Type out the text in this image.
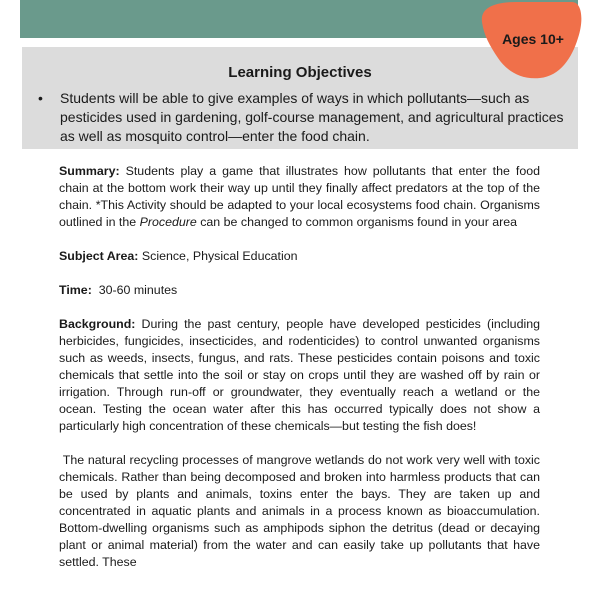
Learning Objectives
•	Students will be able to give examples of ways in which pollutants—such as pesticides used in gardening, golf-course management, and agricultural practices as well as mosquito control—enter the food chain.
Ages 10+

Summary: Students play a game that illustrates how pollutants that enter the food chain at the bottom work their way up until they finally affect predators at the top of the chain. *This Activity should be adapted to your local ecosystems food chain. Organisms outlined in the Procedure can be changed to common organisms found in your area

Subject Area: Science, Physical Education

Time:  30-60 minutes

Background: During the past century, people have developed pesticides (including herbicides, fungicides, insecticides, and rodenticides) to control unwanted organisms such as weeds, insects, fungus, and rats. These pesticides contain poisons and toxic chemicals that settle into the soil or stay on crops until they are washed off by rain or irrigation. Through run-off or groundwater, they eventually reach a wetland or the ocean. Testing the ocean water after this has occurred typically does not show a particularly high concentration of these chemicals—but testing the fish does!

The natural recycling processes of mangrove wetlands do not work very well with toxic chemicals. Rather than being decomposed and broken into harmless products that can be used by plants and animals, toxins enter the bays. They are taken up and concentrated in aquatic plants and animals in a process known as bioaccumulation. Bottom-dwelling organisms such as amphipods siphon the detritus (dead or decaying plant or animal material) from the water and can easily take up pollutants that have settled. These
